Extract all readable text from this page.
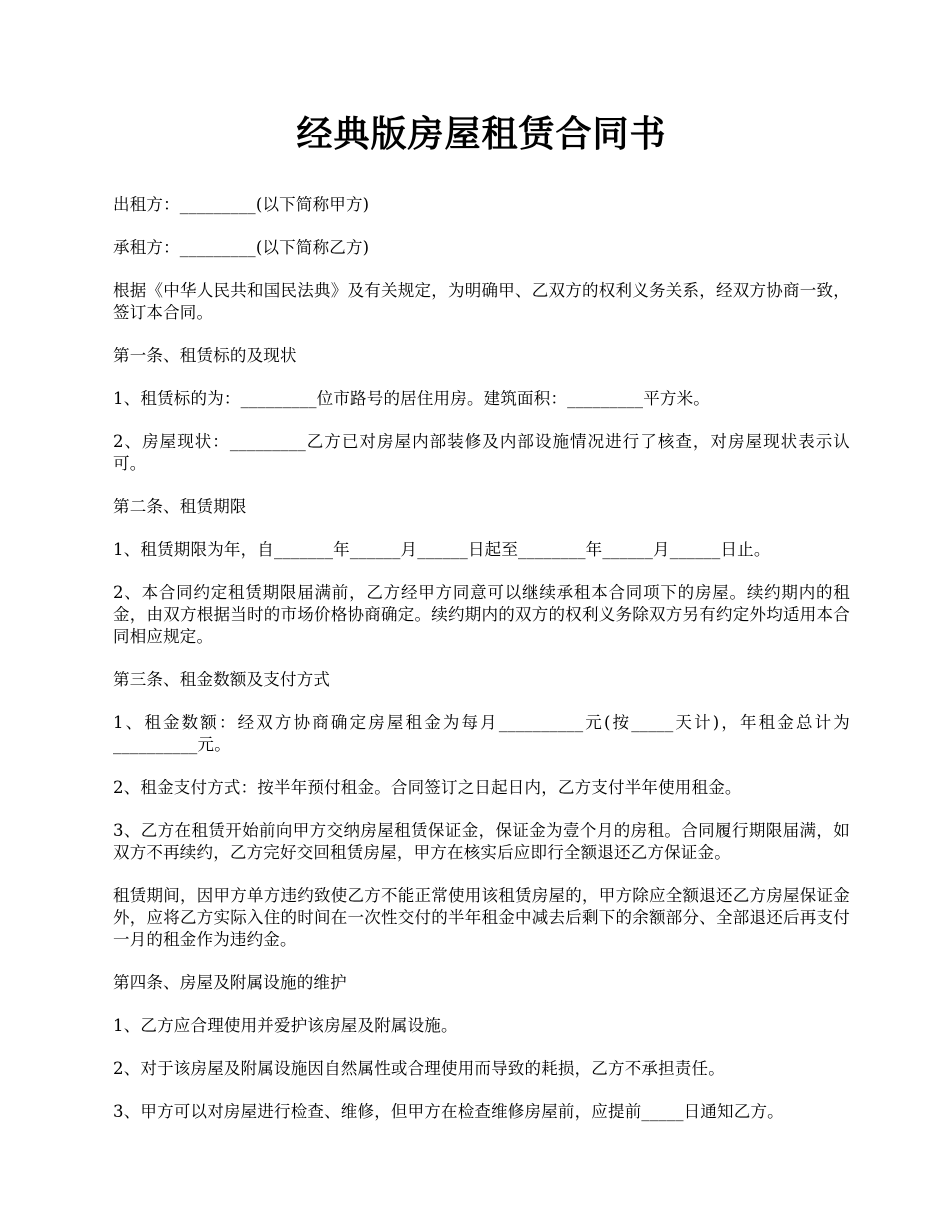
经典版房屋租赁合同书

出租方：_________(以下简称甲方)

承租方：_________(以下简称乙方)

根据《中华人民共和国民法典》及有关规定，为明确甲、乙双方的权利义务关系，经双方协商一致，签订本合同。

第一条、租赁标的及现状

1、租赁标的为：_________位市路号的居住用房。建筑面积：_________平方米。

2、房屋现状：_________乙方已对房屋内部装修及内部设施情况进行了核查，对房屋现状表示认可。

第二条、租赁期限

1、租赁期限为年，自_______年______月______日起至________年______月______日止。

2、本合同约定租赁期限届满前，乙方经甲方同意可以继续承租本合同项下的房屋。续约期内的租金，由双方根据当时的市场价格协商确定。续约期内的双方的权利义务除双方另有约定外均适用本合同相应规定。

第三条、租金数额及支付方式

1、租金数额：经双方协商确定房屋租金为每月__________元(按_____天计)，年租金总计为__________元。

2、租金支付方式：按半年预付租金。合同签订之日起日内，乙方支付半年使用租金。

3、乙方在租赁开始前向甲方交纳房屋租赁保证金，保证金为壹个月的房租。合同履行期限届满，如双方不再续约，乙方完好交回租赁房屋，甲方在核实后应即行全额退还乙方保证金。

租赁期间，因甲方单方违约致使乙方不能正常使用该租赁房屋的，甲方除应全额退还乙方房屋保证金外，应将乙方实际入住的时间在一次性交付的半年租金中减去后剩下的余额部分、全部退还后再支付一月的租金作为违约金。

第四条、房屋及附属设施的维护

1、乙方应合理使用并爱护该房屋及附属设施。

2、对于该房屋及附属设施因自然属性或合理使用而导致的耗损，乙方不承担责任。

3、甲方可以对房屋进行检查、维修，但甲方在检查维修房屋前，应提前_____日通知乙方。
